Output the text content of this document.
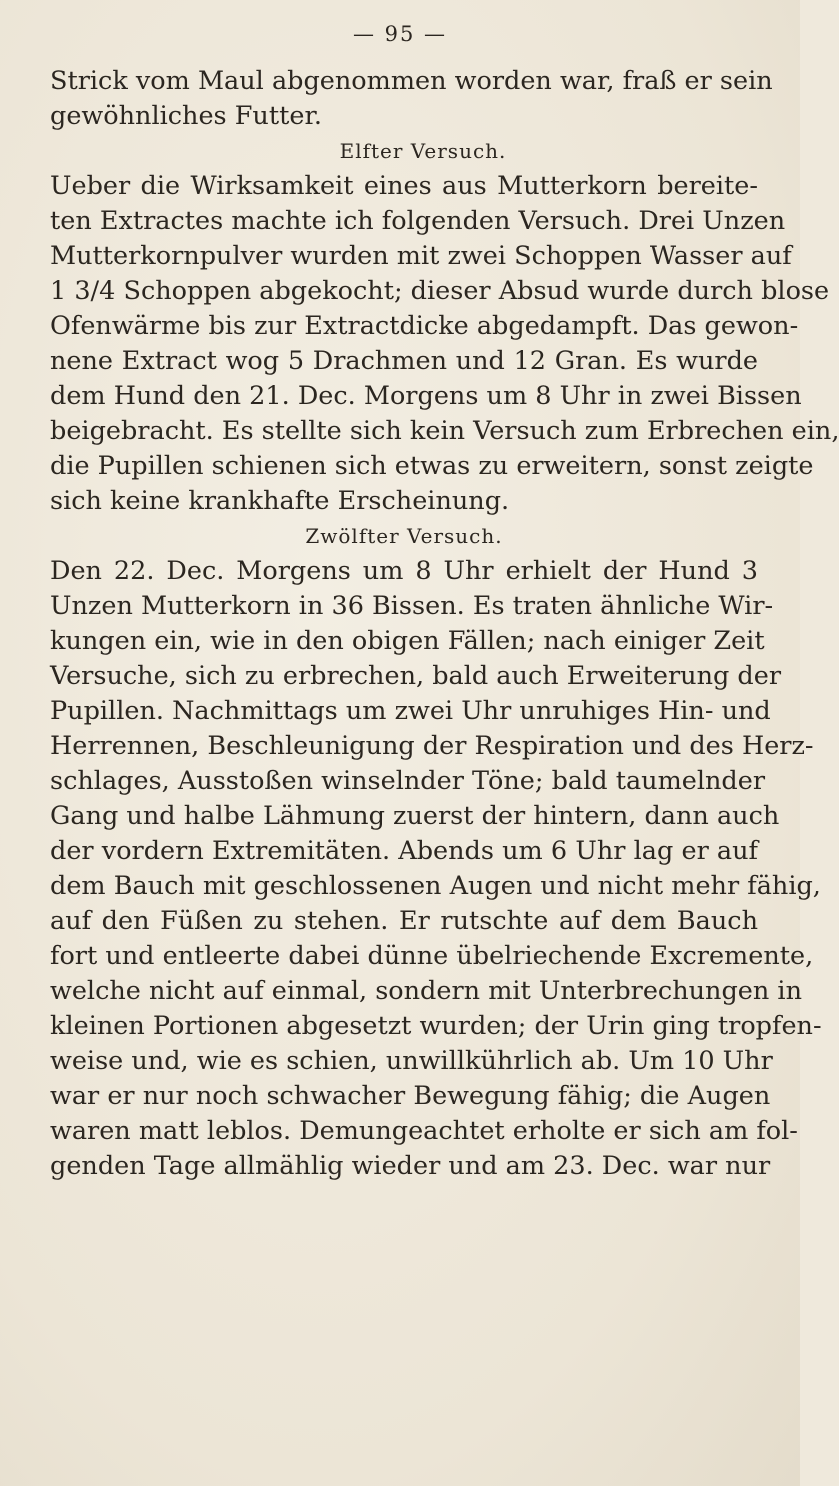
— 95 —
Strick vom Maul abgenommen worden war, fraß er sein
gewöhnliches Futter.
Elfter Versuch.
Ueber die Wirksamkeit eines aus Mutterkorn bereite-
ten Extractes machte ich folgenden Versuch. Drei Unzen
Mutterkornpulver wurden mit zwei Schoppen Wasser auf
1 3/4 Schoppen abgekocht; dieser Absud wurde durch blose
Ofenwärme bis zur Extractdicke abgedampft. Das gewon-
nene Extract wog 5 Drachmen und 12 Gran. Es wurde
dem Hund den 21. Dec. Morgens um 8 Uhr in zwei Bissen
beigebracht. Es stellte sich kein Versuch zum Erbrechen ein,
die Pupillen schienen sich etwas zu erweitern, sonst zeigte
sich keine krankhafte Erscheinung.
Zwölfter Versuch.
Den 22. Dec. Morgens um 8 Uhr erhielt der Hund 3
Unzen Mutterkorn in 36 Bissen. Es traten ähnliche Wir-
kungen ein, wie in den obigen Fällen; nach einiger Zeit
Versuche, sich zu erbrechen, bald auch Erweiterung der
Pupillen. Nachmittags um zwei Uhr unruhiges Hin- und
Herrennen, Beschleunigung der Respiration und des Herz-
schlages, Ausstoßen winselnder Töne; bald taumelnder
Gang und halbe Lähmung zuerst der hintern, dann auch
der vordern Extremitäten. Abends um 6 Uhr lag er auf
dem Bauch mit geschlossenen Augen und nicht mehr fähig,
auf den Füßen zu stehen. Er rutschte auf dem Bauch
fort und entleerte dabei dünne übelriechende Excremente,
welche nicht auf einmal, sondern mit Unterbrechungen in
kleinen Portionen abgesetzt wurden; der Urin ging tropfen-
weise und, wie es schien, unwillkührlich ab. Um 10 Uhr
war er nur noch schwacher Bewegung fähig; die Augen
waren matt leblos. Demungeachtet erholte er sich am fol-
genden Tage allmählig wieder und am 23. Dec. war nur
